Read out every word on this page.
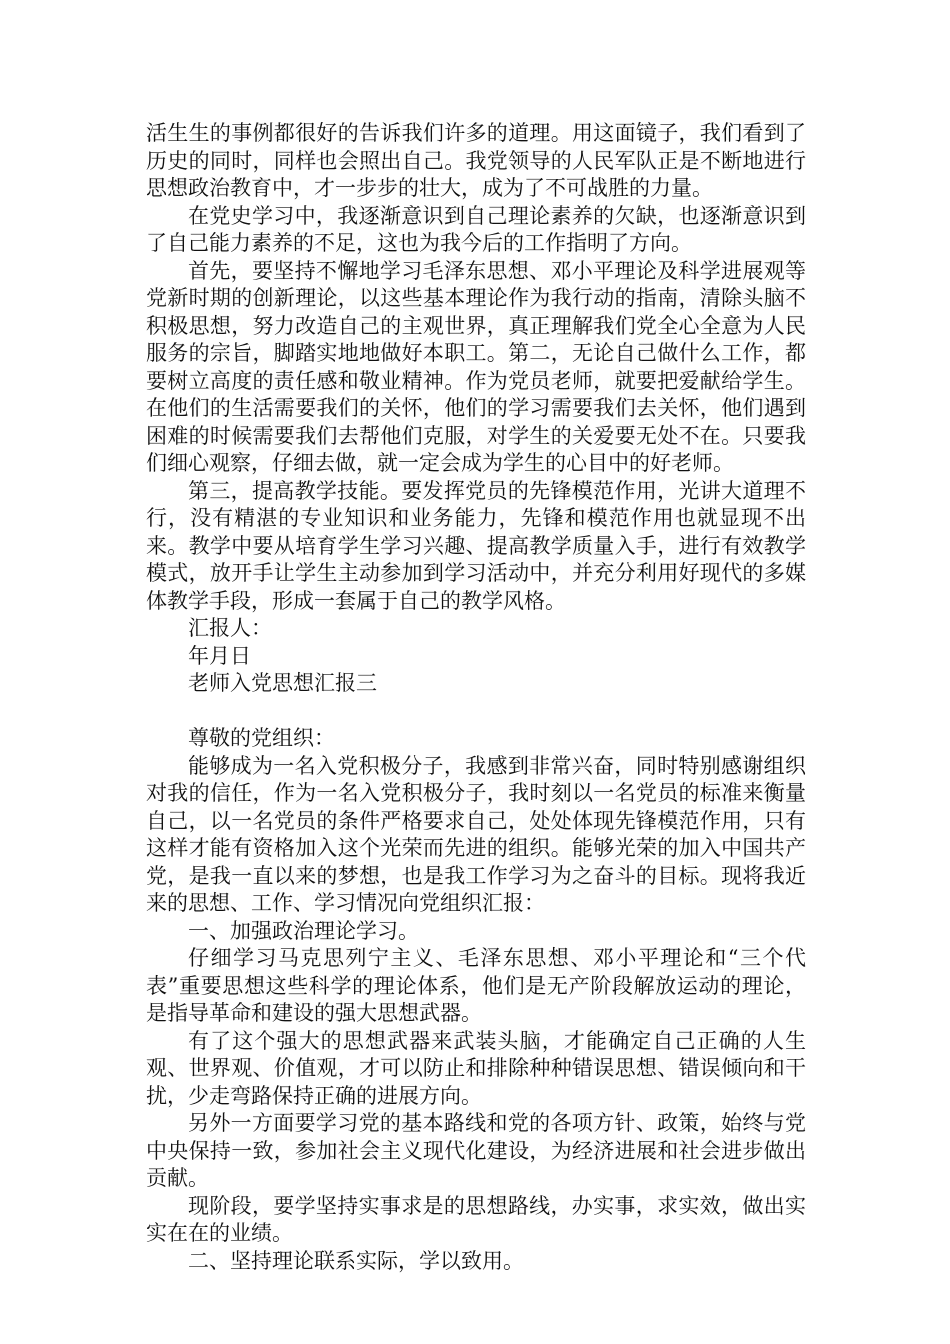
活生生的事例都很好的告诉我们许多的道理。用这面镜子，我们看到了历史的同时，同样也会照出自己。我党领导的人民军队正是不断地进行思想政治教育中，才一步步的壮大，成为了不可战胜的力量。

在党史学习中，我逐渐意识到自己理论素养的欠缺，也逐渐意识到了自己能力素养的不足，这也为我今后的工作指明了方向。

首先，要坚持不懈地学习毛泽东思想、邓小平理论及科学进展观等党新时期的创新理论，以这些基本理论作为我行动的指南，清除头脑不积极思想，努力改造自己的主观世界，真正理解我们党全心全意为人民服务的宗旨，脚踏实地地做好本职工。第二，无论自己做什么工作，都要树立高度的责任感和敬业精神。作为党员老师，就要把爱献给学生。在他们的生活需要我们的关怀，他们的学习需要我们去关怀，他们遇到困难的时候需要我们去帮他们克服，对学生的关爱要无处不在。只要我们细心观察，仔细去做，就一定会成为学生的心目中的好老师。

第三，提高教学技能。要发挥党员的先锋模范作用，光讲大道理不行，没有精湛的专业知识和业务能力，先锋和模范作用也就显现不出来。教学中要从培育学生学习兴趣、提高教学质量入手，进行有效教学模式，放开手让学生主动参加到学习活动中，并充分利用好现代的多媒体教学手段，形成一套属于自己的教学风格。

汇报人：

年月日

老师入党思想汇报三

尊敬的党组织：

能够成为一名入党积极分子，我感到非常兴奋，同时特别感谢组织对我的信任，作为一名入党积极分子，我时刻以一名党员的标准来衡量自己，以一名党员的条件严格要求自己，处处体现先锋模范作用，只有这样才能有资格加入这个光荣而先进的组织。能够光荣的加入中国共产党，是我一直以来的梦想，也是我工作学习为之奋斗的目标。现将我近来的思想、工作、学习情况向党组织汇报：

一、加强政治理论学习。

仔细学习马克思列宁主义、毛泽东思想、邓小平理论和“三个代表”重要思想这些科学的理论体系，他们是无产阶段解放运动的理论，是指导革命和建设的强大思想武器。

有了这个强大的思想武器来武装头脑，才能确定自己正确的人生观、世界观、价值观，才可以防止和排除种种错误思想、错误倾向和干扰，少走弯路保持正确的进展方向。

另外一方面要学习党的基本路线和党的各项方针、政策，始终与党中央保持一致，参加社会主义现代化建设，为经济进展和社会进步做出贡献。

现阶段，要学坚持实事求是的思想路线，办实事，求实效，做出实实在在的业绩。

二、坚持理论联系实际，学以致用。
